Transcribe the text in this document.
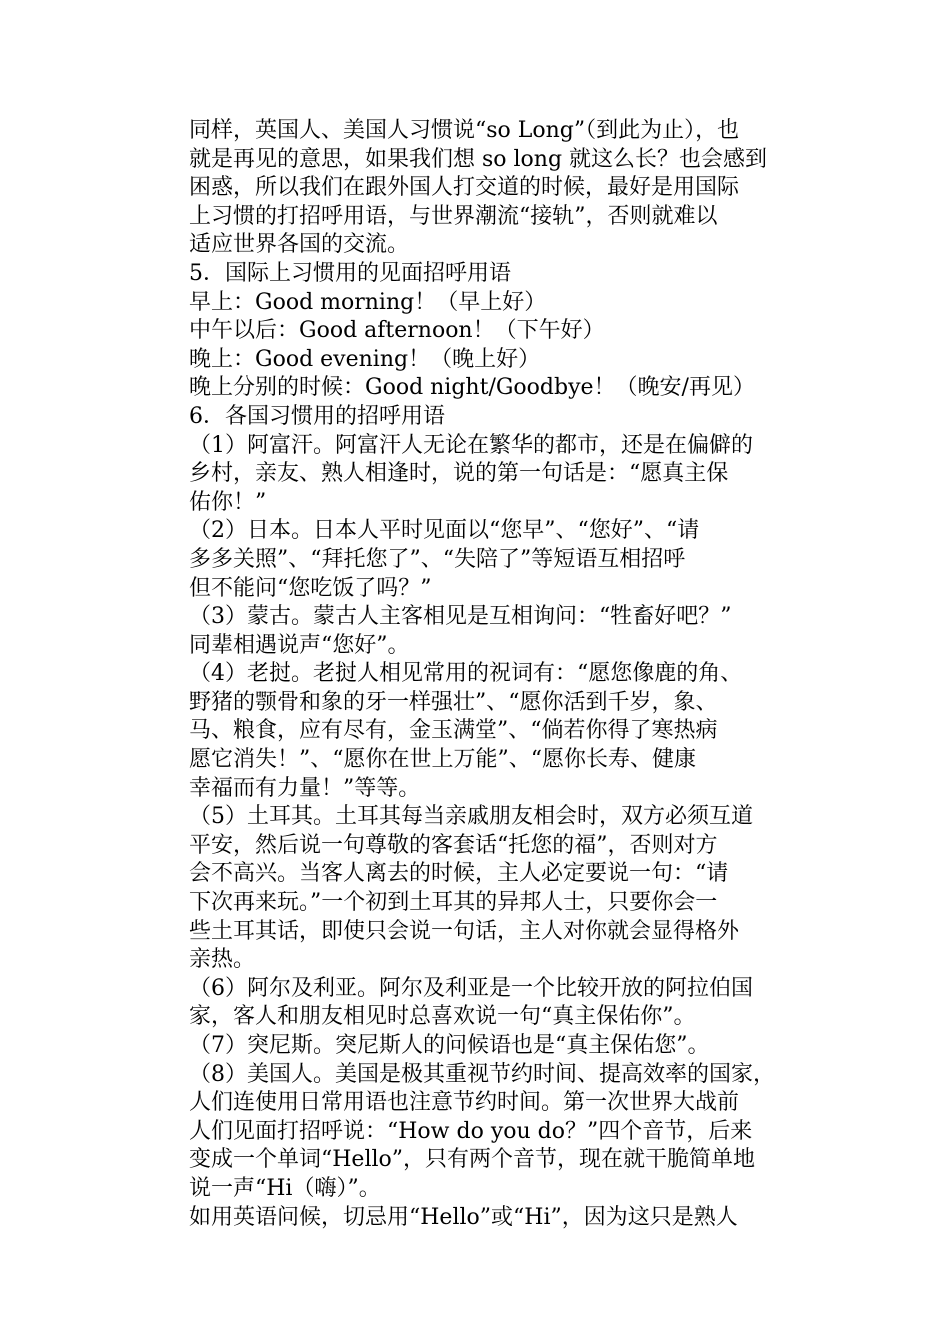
同样，英国人、美国人习惯说“so Long”（到此为止），也
就是再见的意思，如果我们想 so long 就这么长？也会感到
困惑，所以我们在跟外国人打交道的时候，最好是用国际
上习惯的打招呼用语，与世界潮流“接轨”，否则就难以
适应世界各国的交流。

5．国际上习惯用的见面招呼用语

早上：Good morning！（早上好）

中午以后：Good afternoon！（下午好）

晚上：Good evening！（晚上好）

晚上分别的时候：Good night/Goodbye！（晚安/再见）

6．各国习惯用的招呼用语

（1）阿富汗。阿富汗人无论在繁华的都市，还是在偏僻的
乡村，亲友、熟人相逢时，说的第一句话是：“愿真主保
佑你！”

（2）日本。日本人平时见面以“您早”、“您好”、“请
多多关照”、“拜托您了”、“失陪了”等短语互相招呼
但不能问“您吃饭了吗？”

（3）蒙古。蒙古人主客相见是互相询问：“牲畜好吧？”
同辈相遇说声“您好”。

（4）老挝。老挝人相见常用的祝词有：“愿您像鹿的角、
野猪的颚骨和象的牙一样强壮”、“愿你活到千岁，象、
马、粮食，应有尽有，金玉满堂”、“倘若你得了寒热病
愿它消失！”、“愿你在世上万能”、“愿你长寿、健康
幸福而有力量！”等等。

（5）土耳其。土耳其每当亲戚朋友相会时，双方必须互道
平安，然后说一句尊敬的客套话“托您的福”，否则对方
会不高兴。当客人离去的时候，主人必定要说一句：“请
下次再来玩。”一个初到土耳其的异邦人士，只要你会一
些土耳其话，即使只会说一句话，主人对你就会显得格外
亲热。

（6）阿尔及利亚。阿尔及利亚是一个比较开放的阿拉伯国
家，客人和朋友相见时总喜欢说一句“真主保佑你”。

（7）突尼斯。突尼斯人的问候语也是“真主保佑您”。

（8）美国人。美国是极其重视节约时间、提高效率的国家，
人们连使用日常用语也注意节约时间。第一次世界大战前
人们见面打招呼说：“How do you do？”四个音节，后来
变成一个单词“Hello”，只有两个音节，现在就干脆简单地
说一声“Hi（嗨）”。

如用英语问候，切忌用“Hello”或“Hi”，因为这只是熟人
